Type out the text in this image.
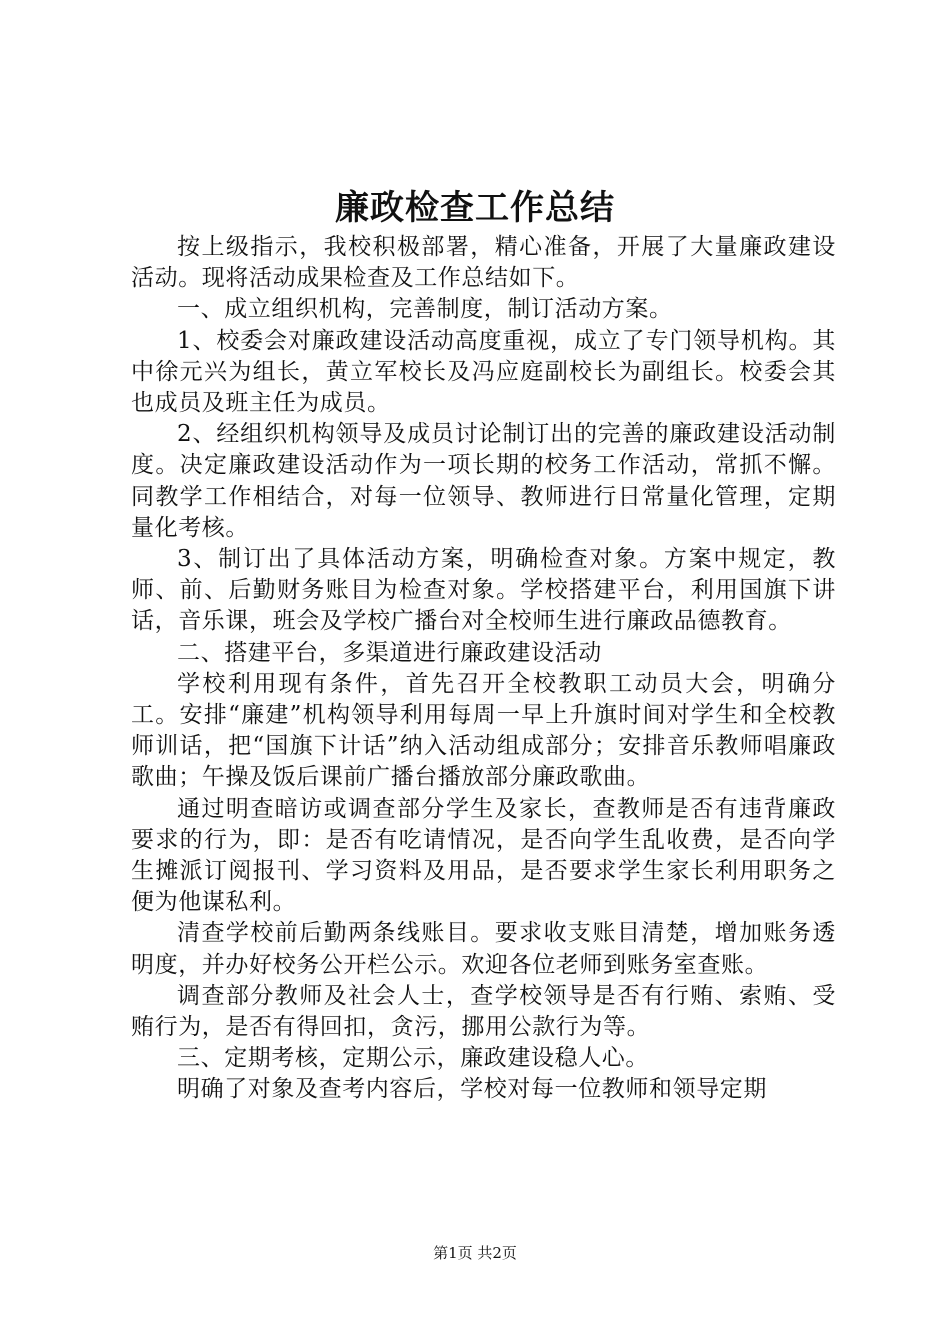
廉政检查工作总结

按上级指示，我校积极部署，精心准备，开展了大量廉政建设活动。现将活动成果检查及工作总结如下。

一、成立组织机构，完善制度，制订活动方案。

1、校委会对廉政建设活动高度重视，成立了专门领导机构。其中徐元兴为组长，黄立军校长及冯应庭副校长为副组长。校委会其也成员及班主任为成员。

2、经组织机构领导及成员讨论制订出的完善的廉政建设活动制度。决定廉政建设活动作为一项长期的校务工作活动，常抓不懈。同教学工作相结合，对每一位领导、教师进行日常量化管理，定期量化考核。

3、制订出了具体活动方案，明确检查对象。方案中规定，教师、前、后勤财务账目为检查对象。学校搭建平台，利用国旗下讲话，音乐课，班会及学校广播台对全校师生进行廉政品德教育。

二、搭建平台，多渠道进行廉政建设活动

学校利用现有条件，首先召开全校教职工动员大会，明确分工。安排“廉建”机构领导利用每周一早上升旗时间对学生和全校教师训话，把“国旗下计话”纳入活动组成部分；安排音乐教师唱廉政歌曲；午操及饭后课前广播台播放部分廉政歌曲。

通过明查暗访或调查部分学生及家长，查教师是否有违背廉政要求的行为，即：是否有吃请情况，是否向学生乱收费，是否向学生摊派订阅报刊、学习资料及用品，是否要求学生家长利用职务之便为他谋私利。

清查学校前后勤两条线账目。要求收支账目清楚，增加账务透明度，并办好校务公开栏公示。欢迎各位老师到账务室查账。

调查部分教师及社会人士，查学校领导是否有行贿、索贿、受贿行为，是否有得回扣，贪污，挪用公款行为等。

三、定期考核，定期公示，廉政建设稳人心。

明确了对象及查考内容后，学校对每一位教师和领导定期

第1页 共2页
